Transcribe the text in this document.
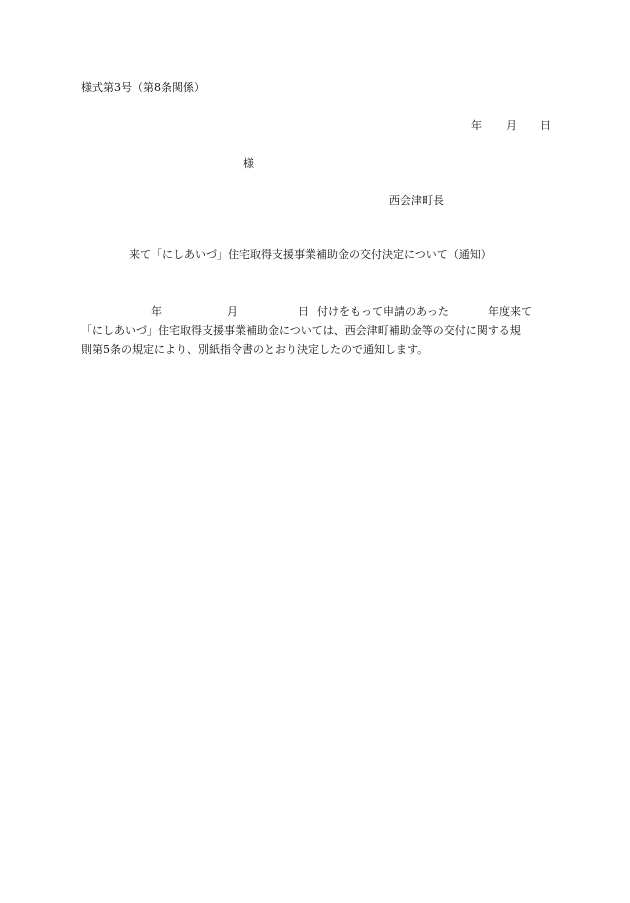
様式第3号（第8条関係）
年 月 日
様
西会津町長
来て「にしあいづ」住宅取得支援事業補助金の交付決定について（通知）
年	月	日 付けをもって申請のあった	年度来て
「にしあいづ」住宅取得支援事業補助金については、西会津町補助金等の交付に関する規
則第5条の規定により、別紙指令書のとおり決定したので通知します。
